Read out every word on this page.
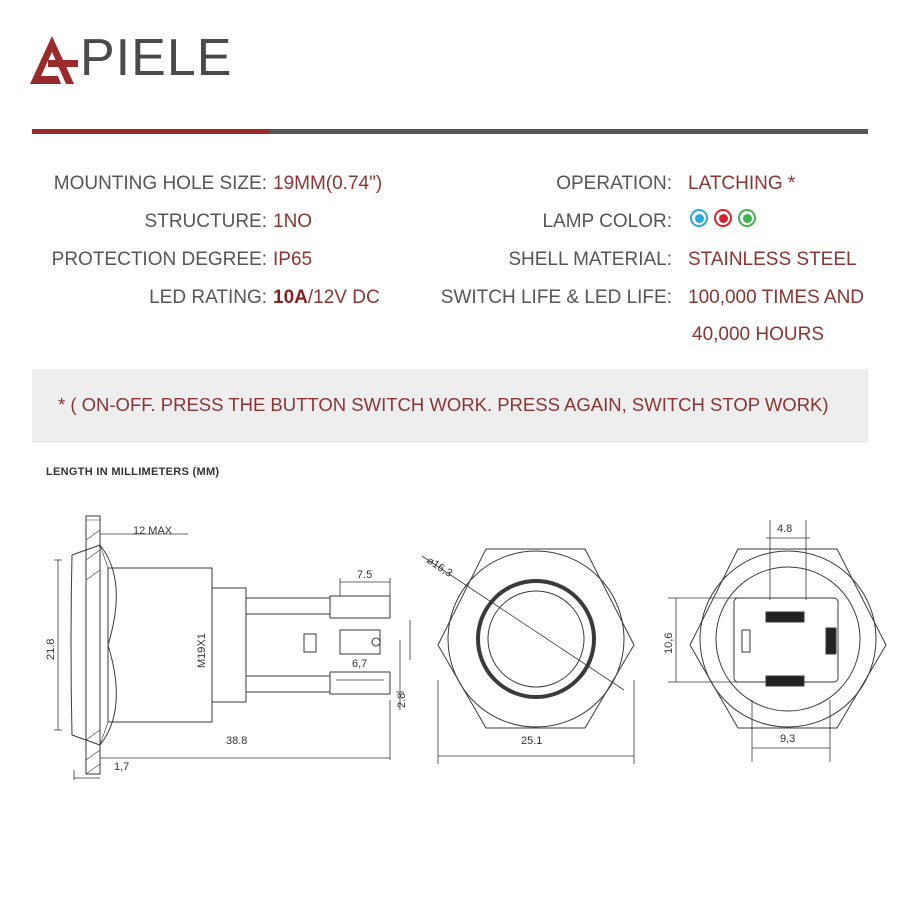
PIELE
MOUNTING HOLE SIZE: 19MM(0.74")
STRUCTURE: 1NO
PROTECTION DEGREE: IP65
LED RATING: 10A/12V DC
OPERATION: LATCHING *
LAMP COLOR:
SHELL MATERIAL: STAINLESS STEEL
SWITCH LIFE & LED LIFE: 100,000 TIMES AND
40,000 HOURS
* ( ON-OFF. PRESS THE BUTTON SWITCH WORK. PRESS AGAIN, SWITCH STOP WORK)
LENGTH IN MILLIMETERS (MM)
12 MAX
21.8	M19X1
38.8
1,7
7.5
6,7
2.8
⌀16,3
25.1
4.8
10,6
9,3
